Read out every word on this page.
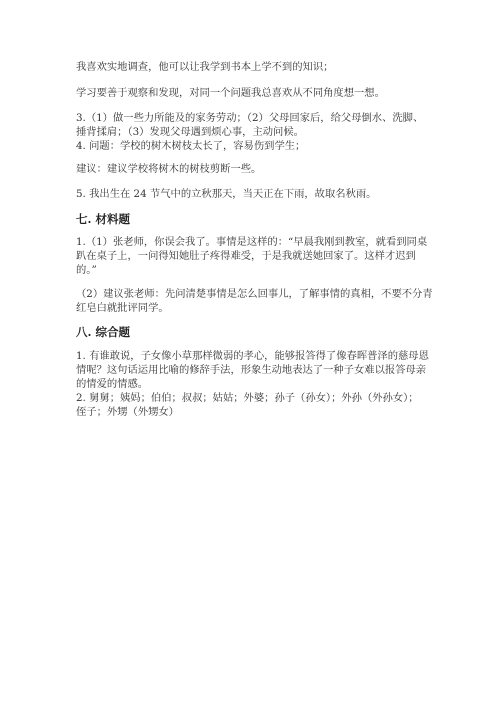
我喜欢实地调查，他可以让我学到书本上学不到的知识；
学习要善于观察和发现，对同一个问题我总喜欢从不同角度想一想。
3.（1）做一些力所能及的家务劳动；（2）父母回家后，给父母倒水、洗脚、
捶背揉肩；（3）发现父母遇到烦心事，主动问候。
4. 问题：学校的树木树枝太长了，容易伤到学生；
建议：建议学校将树木的树枝剪断一些。
5. 我出生在 24 节气中的立秋那天，当天正在下雨，故取名秋雨。
七. 材料题
1.（1）张老师，你误会我了。事情是这样的：“早晨我刚到教室，就看到同桌
趴在桌子上，一问得知她肚子疼得难受，于是我就送她回家了。这样才迟到
的。”
（2）建议张老师：先问清楚事情是怎么回事儿，了解事情的真相，不要不分青
红皂白就批评同学。
八. 综合题
1. 有谁敢说，子女像小草那样微弱的孝心，能够报答得了像春晖普泽的慈母恩
情呢？这句话运用比喻的修辞手法，形象生动地表达了一种子女难以报答母亲
的情爱的情感。
2. 舅舅；姨妈；伯伯；叔叔；姑姑；外婆；孙子（孙女）；外孙（外孙女）；
侄子；外甥（外甥女）
